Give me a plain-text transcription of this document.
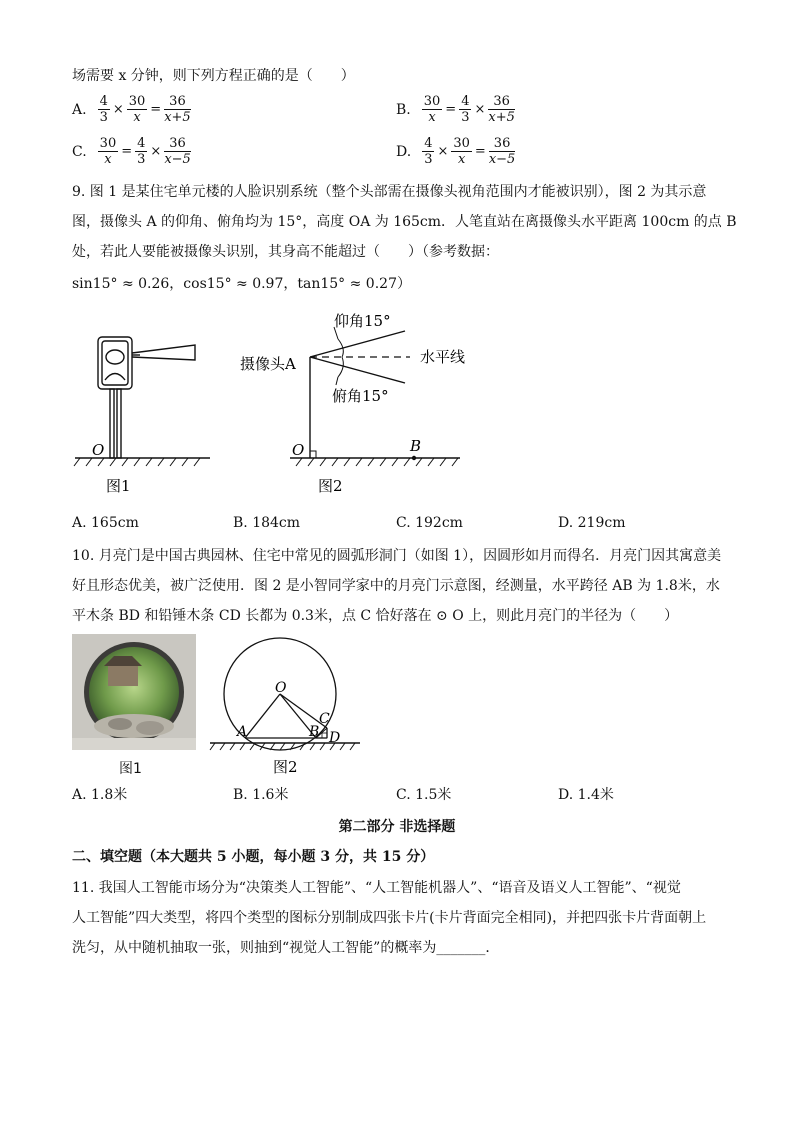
场需要 x 分钟，则下列方程正确的是（　　）
A. $\frac{4}{3} \times \frac{30}{x} = \frac{36}{x+5}$	B. $\frac{30}{x} = \frac{4}{3} \times \frac{36}{x+5}$
C. $\frac{30}{x} = \frac{4}{3} \times \frac{36}{x-5}$	D. $\frac{4}{3} \times \frac{30}{x} = \frac{36}{x-5}$
9. 图 1 是某住宅单元楼的人脸识别系统（整个头部需在摄像头视角范围内才能被识别），图 2 为其示意
图，摄像头 A 的仰角、俯角均为 15°，高度 OA 为 165cm．人笔直站在离摄像头水平距离 100cm 的点 B
处，若此人要能被摄像头识别，其身高不能超过（　　）（参考数据：
sin15° ≈ 0.26，cos15° ≈ 0.97，tan15° ≈ 0.27）
O
图1
仰角15°
俯角15°
水平线
摄像头A
O	B
图2
A. 165cm	B. 184cm	C. 192cm	D. 219cm
10. 月亮门是中国古典园林、住宅中常见的圆弧形洞门（如图 1），因圆形如月而得名．月亮门因其寓意美
好且形态优美，被广泛使用．图 2 是小智同学家中的月亮门示意图，经测量，水平跨径 AB 为 1.8米，水
平木条 BD 和铅锤木条 CD 长都为 0.3米，点 C 恰好落在 ⊙ O 上，则此月亮门的半径为（　　）
图1
O
A	B
C
D
图2
A. 1.8米	B. 1.6米	C. 1.5米	D. 1.4米
第二部分 非选择题
二、填空题（本大题共 5 小题，每小题 3 分，共 15 分）
11. 我国人工智能市场分为“决策类人工智能”、“人工智能机器人”、“语音及语义人工智能”、“视觉
人工智能”四大类型，将四个类型的图标分别制成四张卡片(卡片背面完全相同)，并把四张卡片背面朝上
洗匀，从中随机抽取一张，则抽到“视觉人工智能”的概率为_______．
